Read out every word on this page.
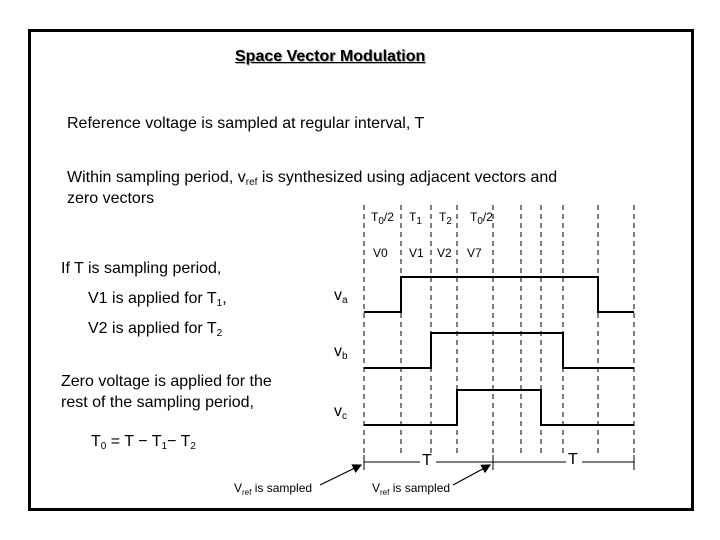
Space Vector Modulation
Reference voltage is sampled at regular interval, T
Within sampling period, $v_{ref}$ is synthesized using adjacent vectors and
zero vectors
If T is sampling period,
V1 is applied for $T_1$,
V2 is applied for $T_2$
Zero voltage is applied for the
rest of the sampling period,
$T_0 = T - T_1- T_2$
$T_0/2$ $T_1$ $T_2$ $T_0/2$
V0 V1 V2 V7
$v_a$
$v_b$
$v_c$
T	T
$V_{ref}$ is sampled	$V_{ref}$ is sampled
